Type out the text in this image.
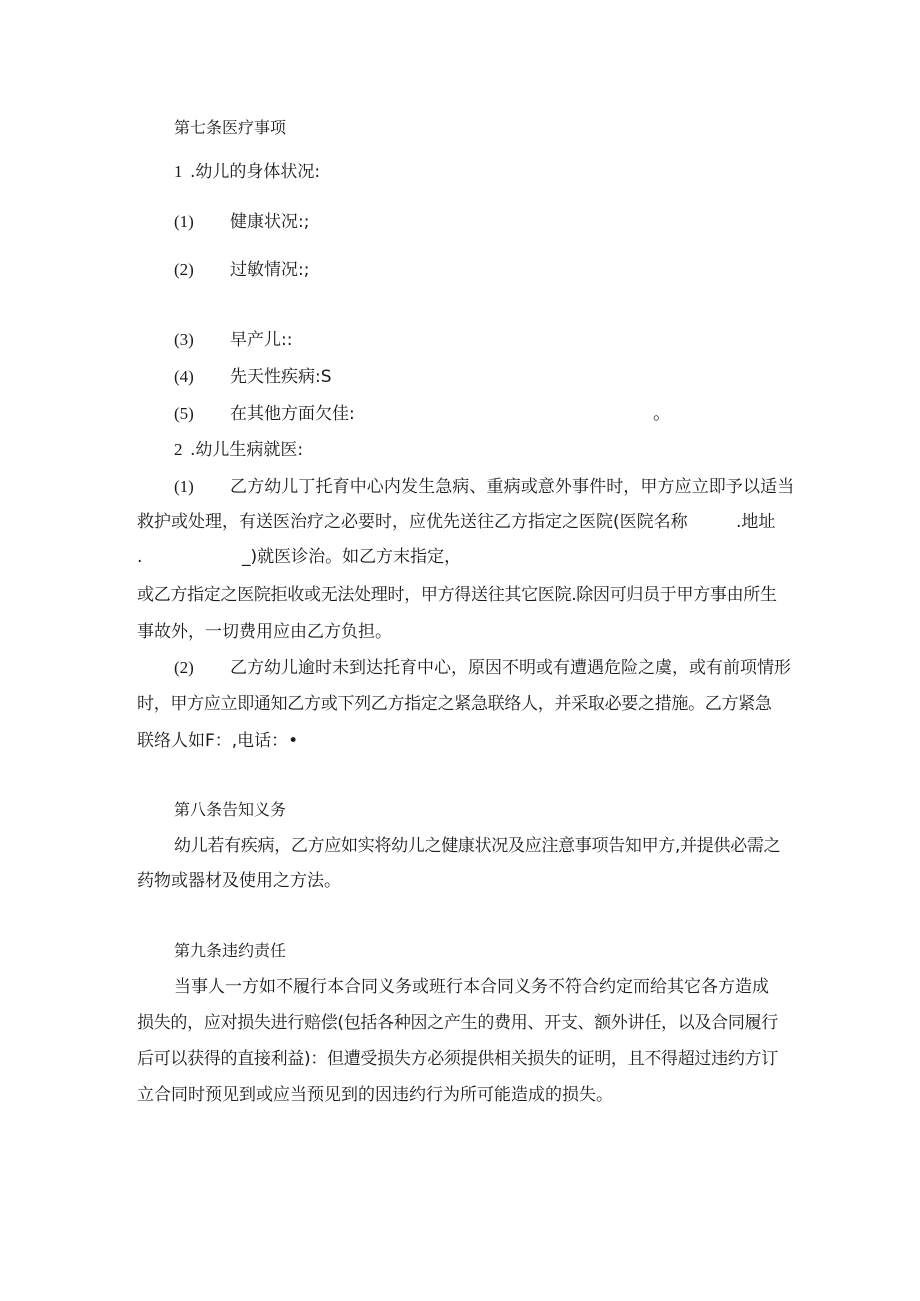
第七条医疗事项
1 .幼儿的身体状况:
(1) 健康状况:;
(2) 过敏情况:;
(3) 早产儿::
(4) 先天性疾病:S
(5) 在其他方面欠佳:	。
2 .幼儿生病就医:
(1) 乙方幼儿丁托育中心内发生急病、重病或意外事件时，甲方应立即予以适当
救护或处理，有送医治疗之必要时，应优先送往乙方指定之医院(医院名称	.地址
.	_)就医诊治。如乙方末指定，
或乙方指定之医院拒收或无法处理时，甲方得送往其它医院.除因可归员于甲方事由所生
事故外，一切费用应由乙方负担。
(2) 乙方幼儿逾时未到达托育中心，原因不明或有遭遇危险之虞，或有前项情形
时，甲方应立即通知乙方或下列乙方指定之紧急联络人，并采取必要之措施。乙方紧急
联络人如F：,电话：•
第八条告知义务
幼儿若有疾病，乙方应如实将幼儿之健康状况及应注意事项告知甲方,并提供必需之
药物或器材及使用之方法。
第九条违约责任
当事人一方如不履行本合同义务或班行本合同义务不符合约定而给其它各方造成
损失的，应对损失进行赔偿(包括各种因之产生的费用、开支、额外讲任，以及合同履行
后可以获得的直接利益)：但遭受损失方必须提供相关损失的证明，且不得超过违约方订
立合同时预见到或应当预见到的因违约行为所可能造成的损失。
